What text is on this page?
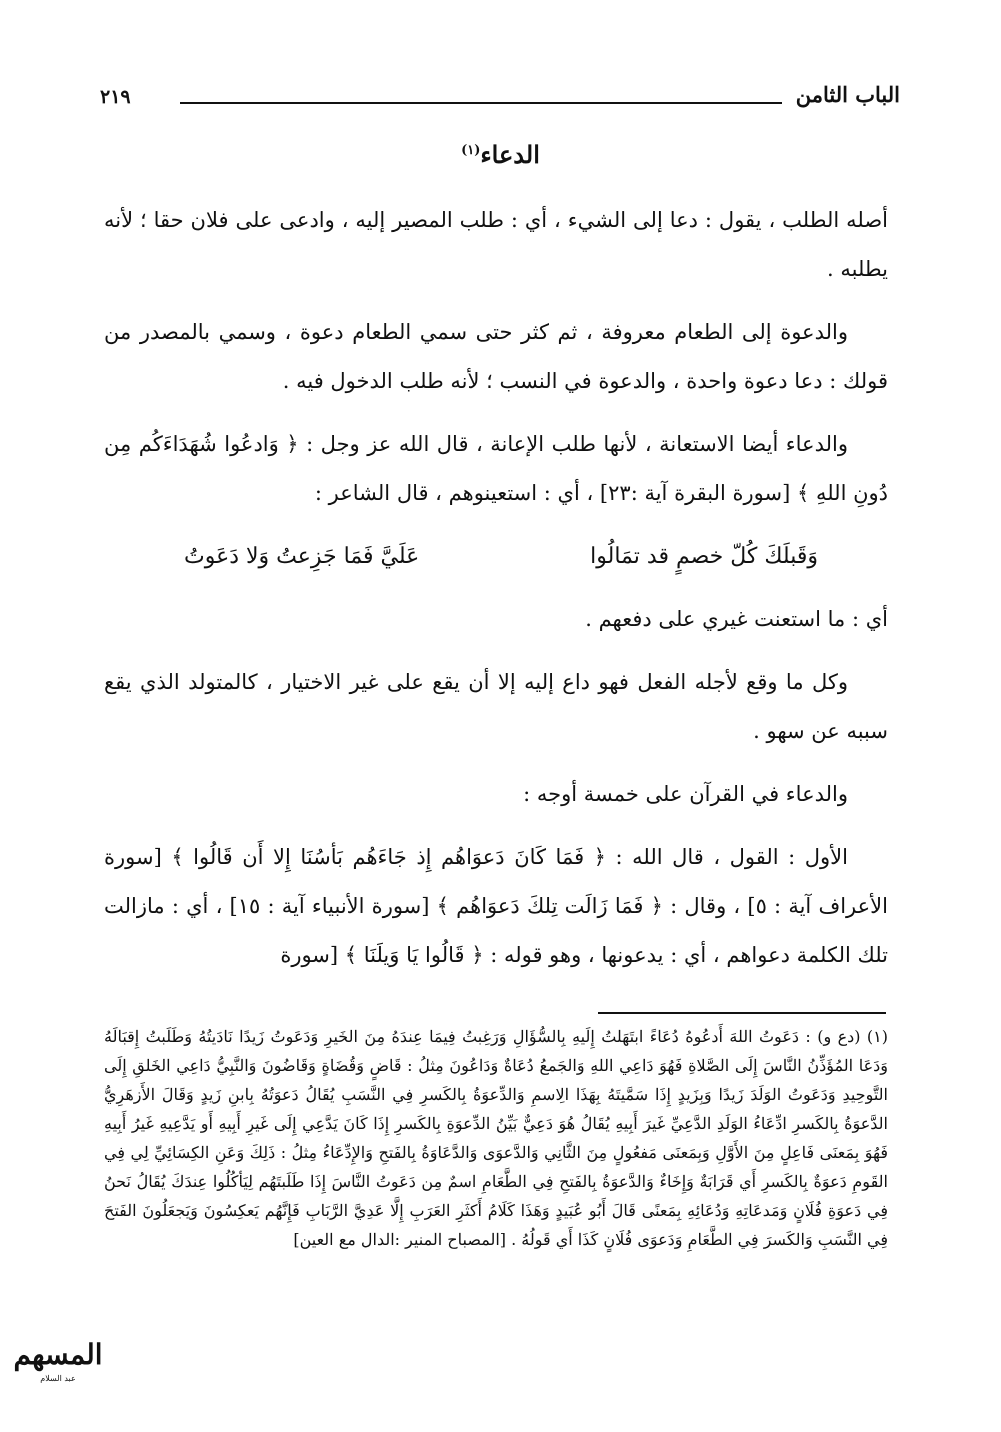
٢١٩	الباب الثامن
الدعاء$^{(١)}$

أصله الطلب ، يقول : دعا إلى الشيء ، أي : طلب المصير إليه ، وادعى على فلان حقا ؛ لأنه يطلبه .

والدعوة إلى الطعام معروفة ، ثم كثر حتى سمي الطعام دعوة ، وسمي بالمصدر من قولك : دعا دعوة واحدة ، والدعوة في النسب ؛ لأنه طلب الدخول فيه .

والدعاء أيضا الاستعانة ، لأنها طلب الإعانة ، قال الله عز وجل : ﴿ وَادعُوا شُهَدَاءَكُم مِن دُونِ اللهِ ﴾ [سورة البقرة آية :٢٣] ، أي : استعينوهم ، قال الشاعر :

وَقَبلَكَ كُلّ خصمٍ قد تمَالُوا
عَلَيَّ فَمَا جَزِعتُ وَلا دَعَوتُ

أي : ما استعنت غيري على دفعهم .

وكل ما وقع لأجله الفعل فهو داع إليه إلا أن يقع على غير الاختيار ، كالمتولد الذي يقع سببه عن سهو .

والدعاء في القرآن على خمسة أوجه :

الأول : القول ، قال الله : ﴿ فَمَا كَانَ دَعوَاهُم إِذ جَاءَهُم بَأسُنَا إِلا أَن قَالُوا ﴾ [سورة الأعراف آية : ٥] ، وقال : ﴿ فَمَا زَالَت تِلكَ دَعوَاهُم ﴾ [سورة الأنبياء آية : ١٥] ، أي : مازالت تلك الكلمة دعواهم ، أي : يدعونها ، وهو قوله : ﴿ قَالُوا يَا وَيلَنَا ﴾ [سورة

(١) (دع و) : دَعَوتُ اللهَ أَدعُوهُ دُعَاءً ابتَهَلتُ إِلَيهِ بِالسُّؤَالِ وَرَغِبتُ فِيمَا عِندَهُ مِنَ الخَيرِ وَدَعَوتُ زَيدًا نَادَيتُهُ وَطَلَبتُ إِقبَالَهُ وَدَعَا المُؤَذِّنُ النَّاسَ إِلَى الصَّلاةِ فَهُوَ دَاعِي اللهِ وَالجَمعُ دُعَاةٌ وَدَاعُونَ مِثلُ : قَاضٍ وَقُضَاةٍ وَقَاضُونَ وَالنَّبِيُّ دَاعِي الخَلقِ إِلَى التَّوحِيدِ وَدَعَوتُ الوَلَدَ زَيدًا وَبِزَيدٍ إِذَا سَمَّيتَهُ بِهَذَا الِاسمِ وَالدِّعوَةُ بِالكَسرِ فِي النَّسَبِ يُقَالُ دَعوَتُهُ بِابنِ زَيدٍ وَقَالَ الأَزهَرِيُّ الدَّعوَةُ بِالكَسرِ ادِّعَاءُ الوَلَدِ الدَّعِيِّ غَيرَ أَبِيهِ يُقَالُ هُوَ دَعِيٌّ بَيِّنُ الدِّعوَةِ بِالكَسرِ إِذَا كَانَ يَدَّعِي إِلَى غَيرِ أَبِيهِ أَو يَدَّعِيهِ غَيرُ أَبِيهِ فَهُوَ بِمَعنَى فَاعِلٍ مِنَ الأَوَّلِ وَبِمَعنَى مَفعُولٍ مِنَ الثَّانِي وَالدَّعوَى وَالدَّعَاوَةُ بِالفَتحِ وَالإِدِّعَاءُ مِثلُ : ذَلِكَ وَعَنِ الكِسَائِيِّ لِي فِي القَومِ دَعوَةٌ بِالكَسرِ أَي قَرَابَةٌ وَإِخَاءٌ وَالدَّعوَةُ بِالفَتحِ فِي الطَّعَامِ اسمٌ مِن دَعَوتُ النَّاسَ إِذَا طَلَبتَهُم لِيَأكُلُوا عِندَكَ يُقَالُ نَحنُ فِي دَعوَةِ فُلَانٍ وَمَدعَاتِهِ وَدُعَائِهِ بِمَعنًى قَالَ أَبُو عُبَيدٍ وَهَذَا كَلَامُ أَكثَرِ العَرَبِ إِلَّا عَدِيَّ الرَّبَابِ فَإِنَّهُم يَعكِسُونَ وَيَجعَلُونَ الفَتحَ فِي النَّسَبِ وَالكَسرَ فِي الطَّعَامِ وَدَعوَى فُلَانٍ كَذَا أَي قَولُهُ . [المصباح المنير :الدال مع العين]

المسهم
عبد السلام
